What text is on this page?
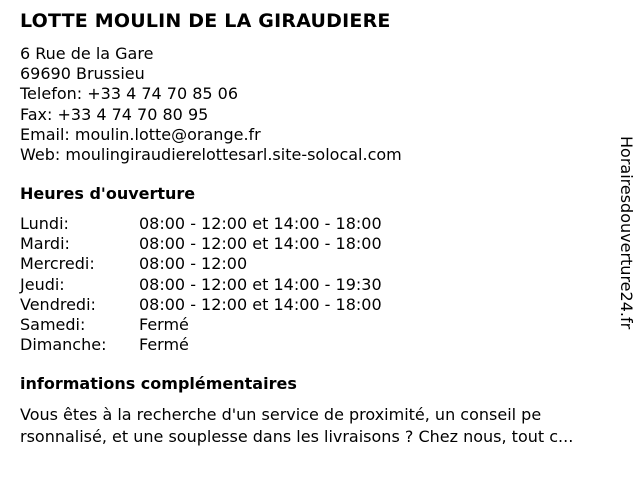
LOTTE MOULIN DE LA GIRAUDIERE
6 Rue de la Gare
69690 Brussieu
Telefon: +33 4 74 70 85 06
Fax: +33 4 74 70 80 95
Email: moulin.lotte@orange.fr
Web: moulingiraudierelottesarl.site-solocal.com
Heures d'ouverture
Lundi:	08:00 - 12:00 et 14:00 - 18:00
Mardi:	08:00 - 12:00 et 14:00 - 18:00
Mercredi:	08:00 - 12:00
Jeudi:	08:00 - 12:00 et 14:00 - 19:30
Vendredi:	08:00 - 12:00 et 14:00 - 18:00
Samedi:	Fermé
Dimanche: Fermé
informations complémentaires
Vous êtes à la recherche d'un service de proximité, un conseil pe
rsonnalisé, et une souplesse dans les livraisons ? Chez nous, tout c...
Horairesdouverture24.fr
